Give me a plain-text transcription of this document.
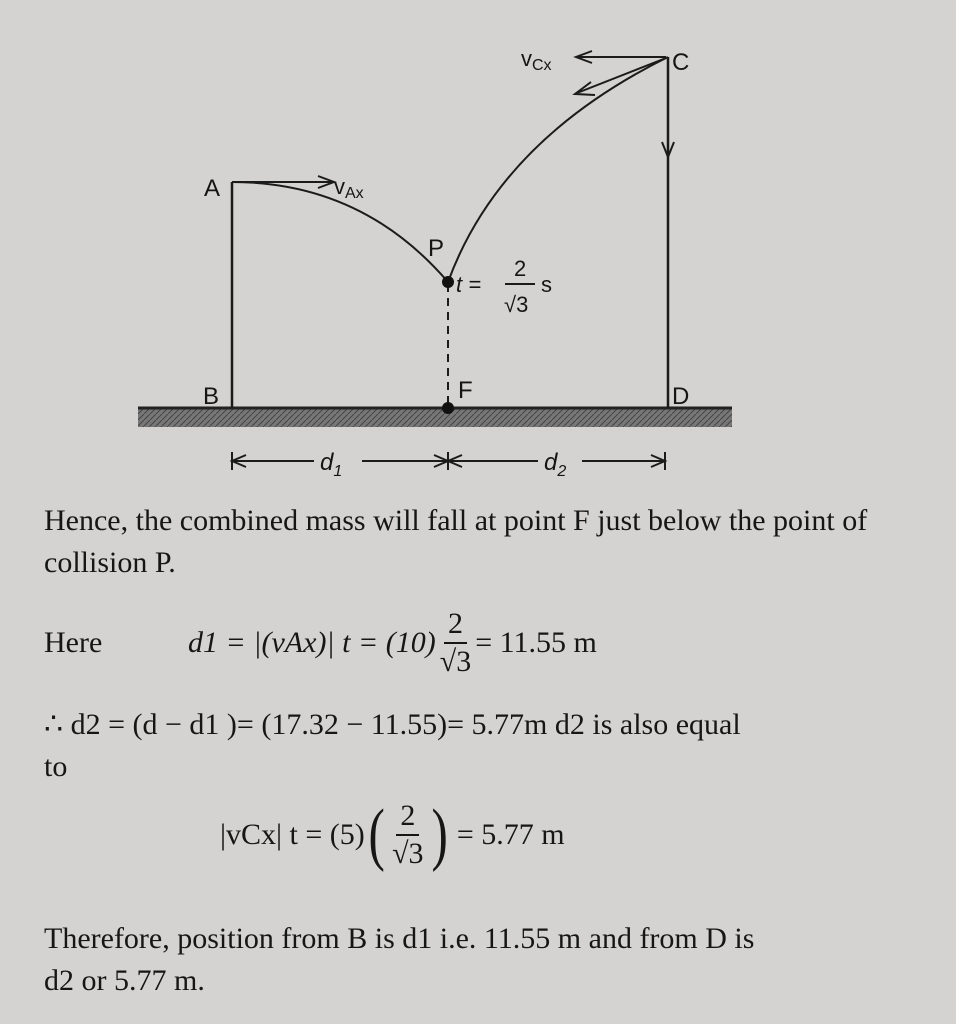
vAx
vCx
A
B
C
D
F
P
t =
2
√3
s
$d_1$	$d_2$

Hence, the combined mass will fall at point F just below the point of collision P.

Here	d1 = |(vAx)| $t = (10) \frac{2}{√3} = 11.55$ m

∴ d2 = (d − d1 )= (17.32 − 11.55)= 5.77m d2 is also equal
to

|vCx| t = (5) ( $\frac{2}{√3}$ ) = 5.77 m

Therefore, position from B is d1 i.e. 11.55 m and from D is
d2 or 5.77 m.
